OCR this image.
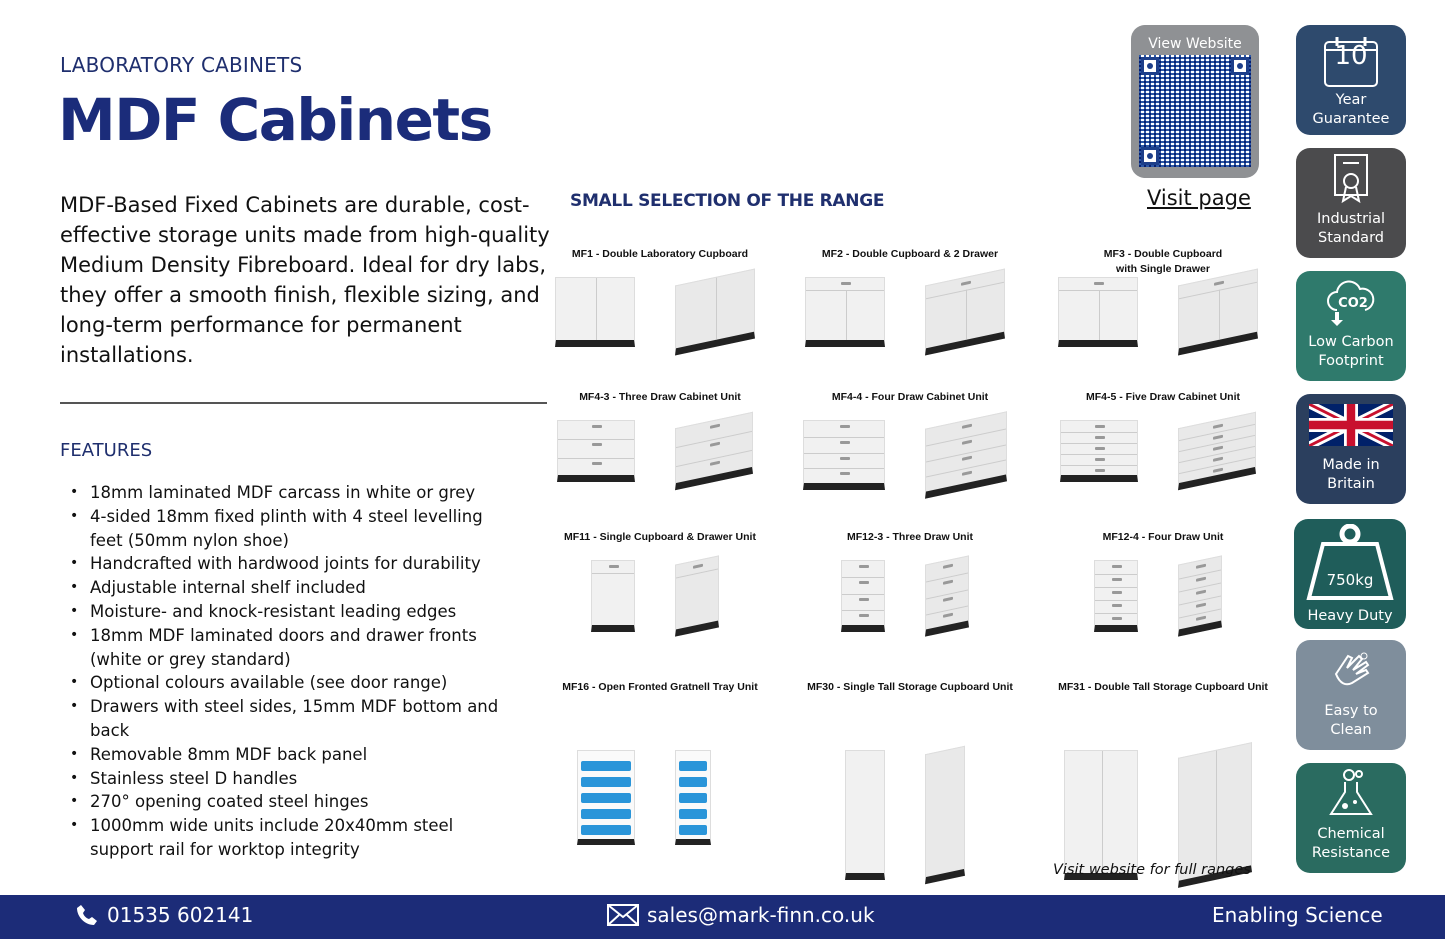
LABORATORY CABINETS
MDF Cabinets

MDF-Based Fixed Cabinets are durable, cost-effective storage units made from high-quality Medium Density Fibreboard. Ideal for dry labs, they offer a smooth finish, flexible sizing, and long-term performance for permanent installations.

FEATURES
• 18mm laminated MDF carcass in white or grey
• 4-sided 18mm fixed plinth with 4 steel levelling feet (50mm nylon shoe)
• Handcrafted with hardwood joints for durability
• Adjustable internal shelf included
• Moisture- and knock-resistant leading edges
• 18mm MDF laminated doors and drawer fronts (white or grey standard)
• Optional colours available (see door range)
• Drawers with steel sides, 15mm MDF bottom and back
• Removable 8mm MDF back panel
• Stainless steel D handles
• 270° opening coated steel hinges
• 1000mm wide units include 20x40mm steel support rail for worktop integrity
SMALL SELECTION OF THE RANGE
View Website
Visit page
MF1 - Double Laboratory Cupboard	MF2 - Double Cupboard & 2 Drawer	MF3 - Double Cupboard
with Single Drawer
MF4-3 - Three Draw Cabinet Unit	MF4-4 - Four Draw Cabinet Unit	MF4-5 - Five Draw Cabinet Unit
MF11 - Single Cupboard & Drawer Unit	MF12-3 - Three Draw Unit	MF12-4 - Four Draw Unit
MF16 - Open Fronted Gratnell Tray Unit	MF30 - Single Tall Storage Cupboard Unit	MF31 - Double Tall Storage Cupboard Unit
Visit website for full ranges
10
Year
Guarantee
Industrial
Standard
CO2
Low Carbon
Footprint
Made in
Britain
750kg
Heavy Duty
Easy to
Clean
Chemical
Resistance
01535 602141	sales@mark-finn.co.uk	Enabling Science
